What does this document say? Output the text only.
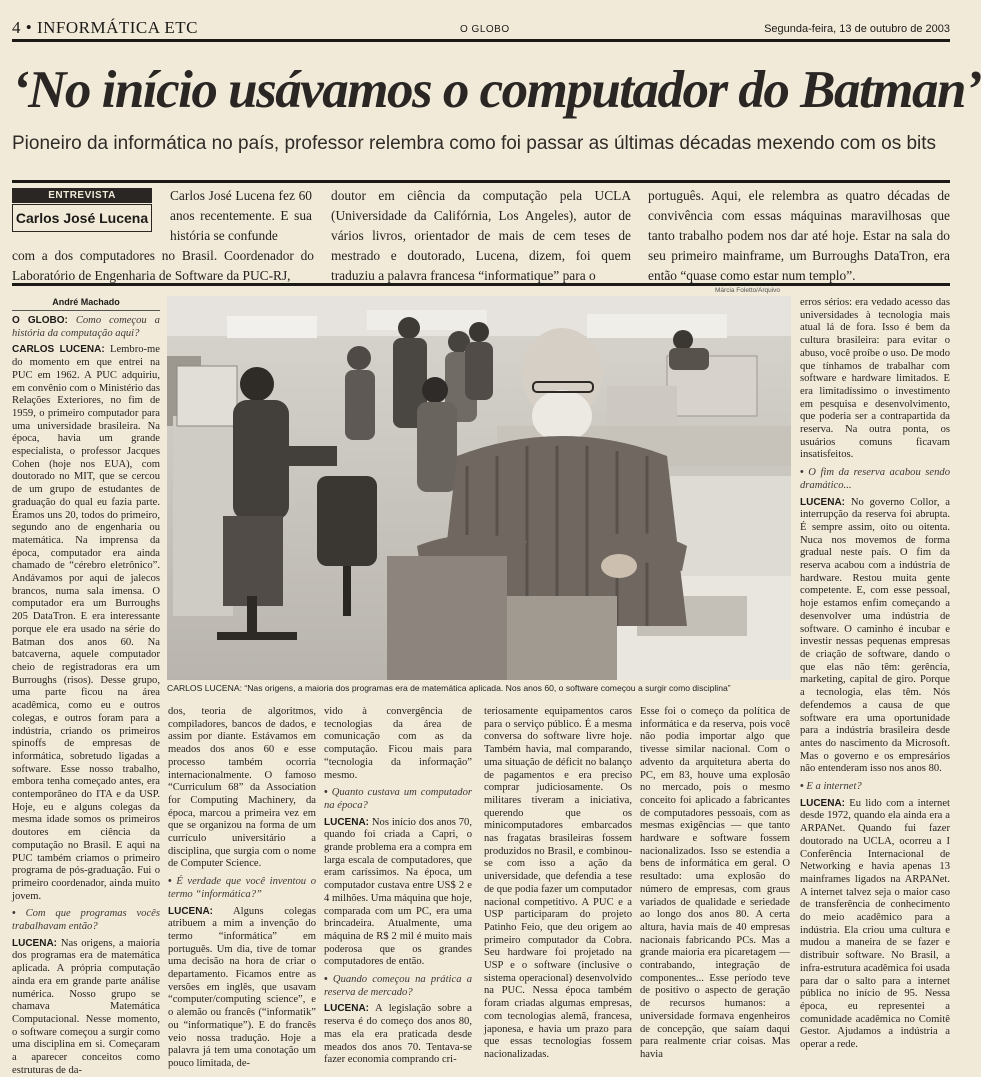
4 • INFORMÁTICA ETC	O GLOBO	Segunda-feira, 13 de outubro de 2003
‘No início usávamos o computador do Batman’
Pioneiro da informática no país, professor relembra como foi passar as últimas décadas mexendo com os bits
ENTREVISTA
Carlos José Lucena

Carlos José Lucena fez 60 anos recentemente. E sua história se confunde

com a dos computadores no Brasil. Coordenador do Laboratório de Engenharia de Software da PUC-RJ,

doutor em ciência da computação pela UCLA (Universidade da Califórnia, Los Angeles), autor de vários livros, orientador de mais de cem teses de mestrado e doutorado, Lucena, dizem, foi quem traduziu a palavra francesa “informatique” para o

português. Aqui, ele relembra as quatro décadas de convivência com essas máquinas maravilhosas que tanto trabalho podem nos dar até hoje. Estar na sala do seu primeiro mainframe, um Burroughs DataTron, era então “quase como estar num templo”.

Márcia Foletto/Arquivo
CARLOS LUCENA: “Nas origens, a maioria dos programas era de matemática aplicada. Nos anos 60, o software começou a surgir como disciplina”
André Machado

O GLOBO: Como começou a história da computação aqui?

CARLOS LUCENA: Lembro-me do momento em que entrei na PUC em 1962. A PUC adquiriu, em convênio com o Ministério das Relações Exteriores, no fim de 1959, o primeiro computador para uma universidade brasileira. Na época, havia um grande especialista, o professor Jacques Cohen (hoje nos EUA), com doutorado no MIT, que se cercou de um grupo de estudantes de graduação do qual eu fazia parte. Éramos uns 20, todos do primeiro, segundo ano de engenharia ou matemática. Na imprensa da época, computador era ainda chamado de “cérebro eletrônico”. Andávamos por aqui de jalecos brancos, numa sala imensa. O computador era um Burroughs 205 DataTron. E era interessante porque ele era usado na série do Batman dos anos 60. Na batcaverna, aquele computador cheio de registradoras era um Burroughs (risos). Desse grupo, uma parte ficou na área acadêmica, como eu e outros colegas, e outros foram para a indústria, criando os primeiros spinoffs de empresas de informática, sobretudo ligadas a software. Esse nosso trabalho, embora tenha começado antes, era contemporâneo do ITA e da USP. Hoje, eu e alguns colegas da mesma idade somos os primeiros doutores em ciência da computação no Brasil. E aqui na PUC também criamos o primeiro programa de pós-graduação. Fui o primeiro coordenador, ainda muito jovem.

• Com que programas vocês trabalhavam então?

LUCENA: Nas origens, a maioria dos programas era de matemática aplicada. A própria computação ainda era em grande parte análise numérica. Nosso grupo se chamava Matemática Computacional. Nesse momento, o software começou a surgir como uma disciplina em si. Começaram a aparecer conceitos como estruturas de da-

dos, teoria de algoritmos, compiladores, bancos de dados, e assim por diante. Estávamos em meados dos anos 60 e esse processo também ocorria internacionalmente. O famoso “Curriculum 68” da Association for Computing Machinery, da época, marcou a primeira vez em que se organizou na forma de um currículo universitário a disciplina, que surgia com o nome de Computer Science.

• É verdade que você inventou o termo “informática?”

LUCENA: Alguns colegas atribuem a mim a invenção do termo “informática” em português. Um dia, tive de tomar uma decisão na hora de criar o departamento. Ficamos entre as versões em inglês, que usavam “computer/computing science”, e o alemão ou francês (“informatik” ou “informatique”). E do francês veio nossa tradução. Hoje a palavra já tem uma conotação um pouco limitada, de-

vido à convergência de tecnologias da área de comunicação com as da computação. Ficou mais para “tecnologia da informação” mesmo.

• Quanto custava um computador na época?

LUCENA: Nos início dos anos 70, quando foi criada a Capri, o grande problema era a compra em larga escala de computadores, que eram caríssimos. Na época, um computador custava entre US$ 2 e 4 milhões. Uma máquina que hoje, comparada com um PC, era uma brincadeira. Atualmente, uma máquina de R$ 2 mil é muito mais poderosa que os grandes computadores de então.

• Quando começou na prática a reserva de mercado?

LUCENA: A legislação sobre a reserva é do começo dos anos 80, mas ela era praticada desde meados dos anos 70. Tentava-se fazer economia comprando cri-

teriosamente equipamentos caros para o serviço público. É a mesma conversa do software livre hoje. Também havia, mal comparando, uma situação de déficit no balanço de pagamentos e era preciso comprar judiciosamente. Os militares tiveram a iniciativa, querendo que os minicomputadores embarcados nas fragatas brasileiras fossem produzidos no Brasil, e combinou-se com isso a ação da universidade, que defendia a tese de que podia fazer um computador nacional competitivo. A PUC e a USP participaram do projeto Patinho Feio, que deu origem ao primeiro computador da Cobra. Seu hardware foi projetado na USP e o software (inclusive o sistema operacional) desenvolvido na PUC. Nessa época também foram criadas algumas empresas, com tecnologias alemã, francesa, japonesa, e havia um prazo para que essas tecnologias fossem nacionalizadas.

Esse foi o começo da política de informática e da reserva, pois você não podia importar algo que tivesse similar nacional. Com o advento da arquitetura aberta do PC, em 83, houve uma explosão no mercado, pois o mesmo conceito foi aplicado a fabricantes de computadores pessoais, com as mesmas exigências — que tanto hardware e software fossem nacionalizados. Isso se estendia a bens de informática em geral. O resultado: uma explosão do número de empresas, com graus variados de qualidade e seriedade ao longo dos anos 80. A certa altura, havia mais de 40 empresas nacionais fabricando PCs. Mas a grande maioria era picaretagem — contrabando, integração de componentes... Esse período teve de positivo o aspecto de geração de recursos humanos: a universidade formava engenheiros de concepção, que saíam daqui para realmente criar coisas. Mas havia

erros sérios: era vedado acesso das universidades à tecnologia mais atual lá de fora. Isso é bem da cultura brasileira: para evitar o abuso, você proíbe o uso. De modo que tínhamos de trabalhar com software e hardware limitados. E era limitadíssimo o investimento em pesquisa e desenvolvimento, que poderia ser a contrapartida da reserva. Na outra ponta, os usuários comuns ficavam insatisfeitos.

• O fim da reserva acabou sendo dramático...

LUCENA: No governo Collor, a interrupção da reserva foi abrupta. É sempre assim, oito ou oitenta. Nuca nos movemos de forma gradual neste país. O fim da reserva acabou com a indústria de hardware. Restou muita gente competente. E, com esse pessoal, hoje estamos enfim começando a desenvolver uma indústria de software. O caminho é incubar e investir nessas pequenas empresas de criação de software, dando o que elas não têm: gerência, marketing, capital de giro. Porque a tecnologia, elas têm. Nós defendemos a causa de que software era uma oportunidade para a indústria brasileira desde antes do nascimento da Microsoft. Mas o governo e os empresários não entenderam isso nos anos 80.

• E a internet?

LUCENA: Eu lido com a internet desde 1972, quando ela ainda era a ARPANet. Quando fui fazer doutorado na UCLA, ocorreu a I Conferência Internacional de Networking e havia apenas 13 mainframes ligados na ARPANet. A internet talvez seja o maior caso de transferência de conhecimento do meio acadêmico para a indústria. Ela criou uma cultura e mudou a maneira de se fazer e distribuir software. No Brasil, a infra-estrutura acadêmica foi usada para dar o salto para a internet pública no início de 95. Nessa época, eu representei a comunidade acadêmica no Comitê Gestor. Ajudamos a indústria a operar a rede.
